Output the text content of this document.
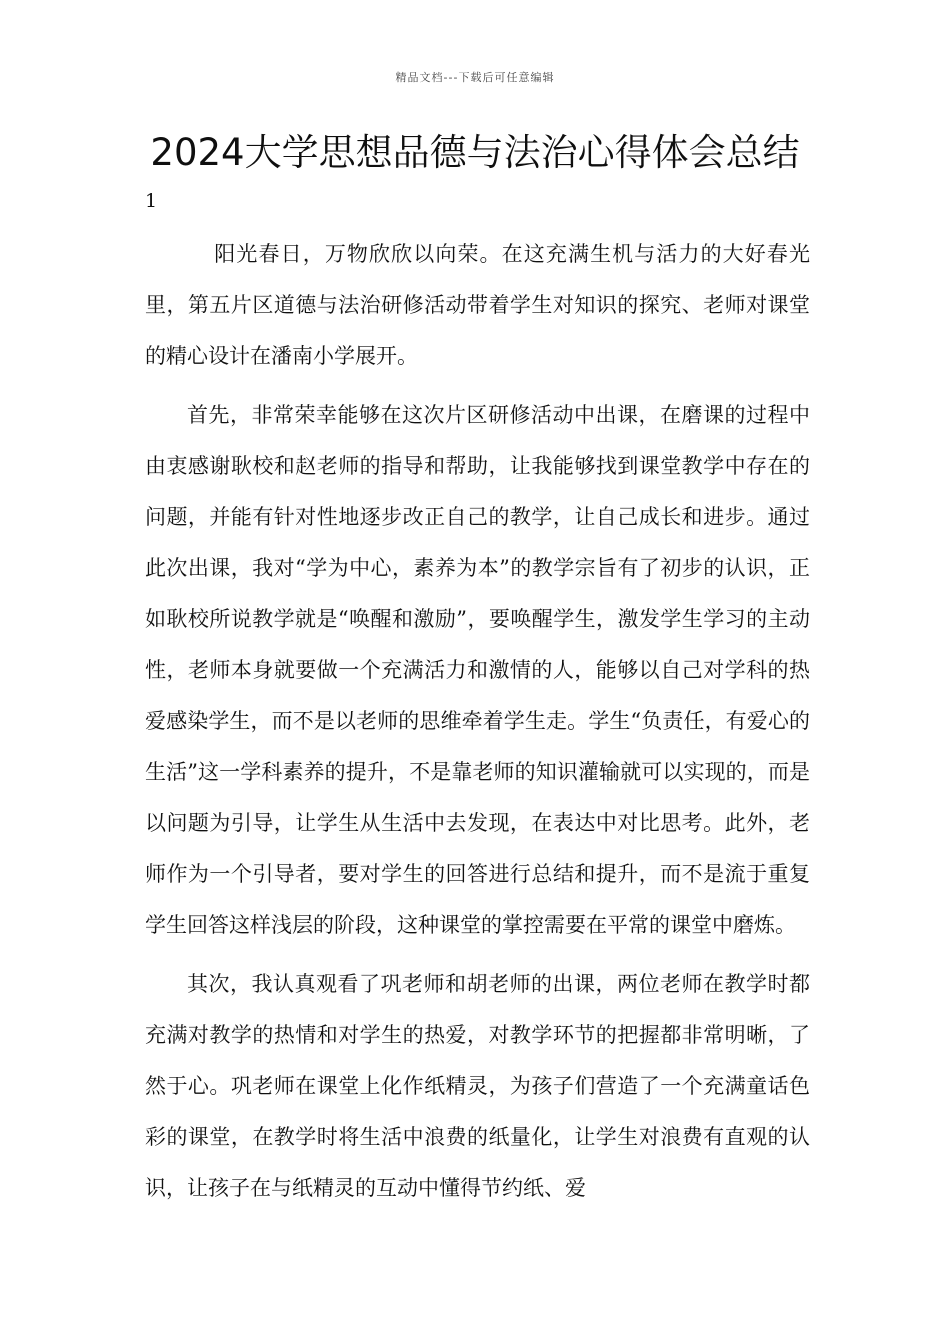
精品文档---下载后可任意编辑
2024大学思想品德与法治心得体会总结
1

阳光春日，万物欣欣以向荣。在这充满生机与活力的大好春光里，第五片区道德与法治研修活动带着学生对知识的探究、老师对课堂的精心设计在潘南小学展开。

首先，非常荣幸能够在这次片区研修活动中出课，在磨课的过程中由衷感谢耿校和赵老师的指导和帮助，让我能够找到课堂教学中存在的问题，并能有针对性地逐步改正自己的教学，让自己成长和进步。通过此次出课，我对“学为中心，素养为本”的教学宗旨有了初步的认识，正如耿校所说教学就是“唤醒和激励”，要唤醒学生，激发学生学习的主动性，老师本身就要做一个充满活力和激情的人，能够以自己对学科的热爱感染学生，而不是以老师的思维牵着学生走。学生“负责任，有爱心的生活”这一学科素养的提升，不是靠老师的知识灌输就可以实现的，而是以问题为引导，让学生从生活中去发现，在表达中对比思考。此外，老师作为一个引导者，要对学生的回答进行总结和提升，而不是流于重复学生回答这样浅层的阶段，这种课堂的掌控需要在平常的课堂中磨炼。

其次，我认真观看了巩老师和胡老师的出课，两位老师在教学时都充满对教学的热情和对学生的热爱，对教学环节的把握都非常明晰，了然于心。巩老师在课堂上化作纸精灵，为孩子们营造了一个充满童话色彩的课堂，在教学时将生活中浪费的纸量化，让学生对浪费有直观的认识，让孩子在与纸精灵的互动中懂得节约纸、爱
